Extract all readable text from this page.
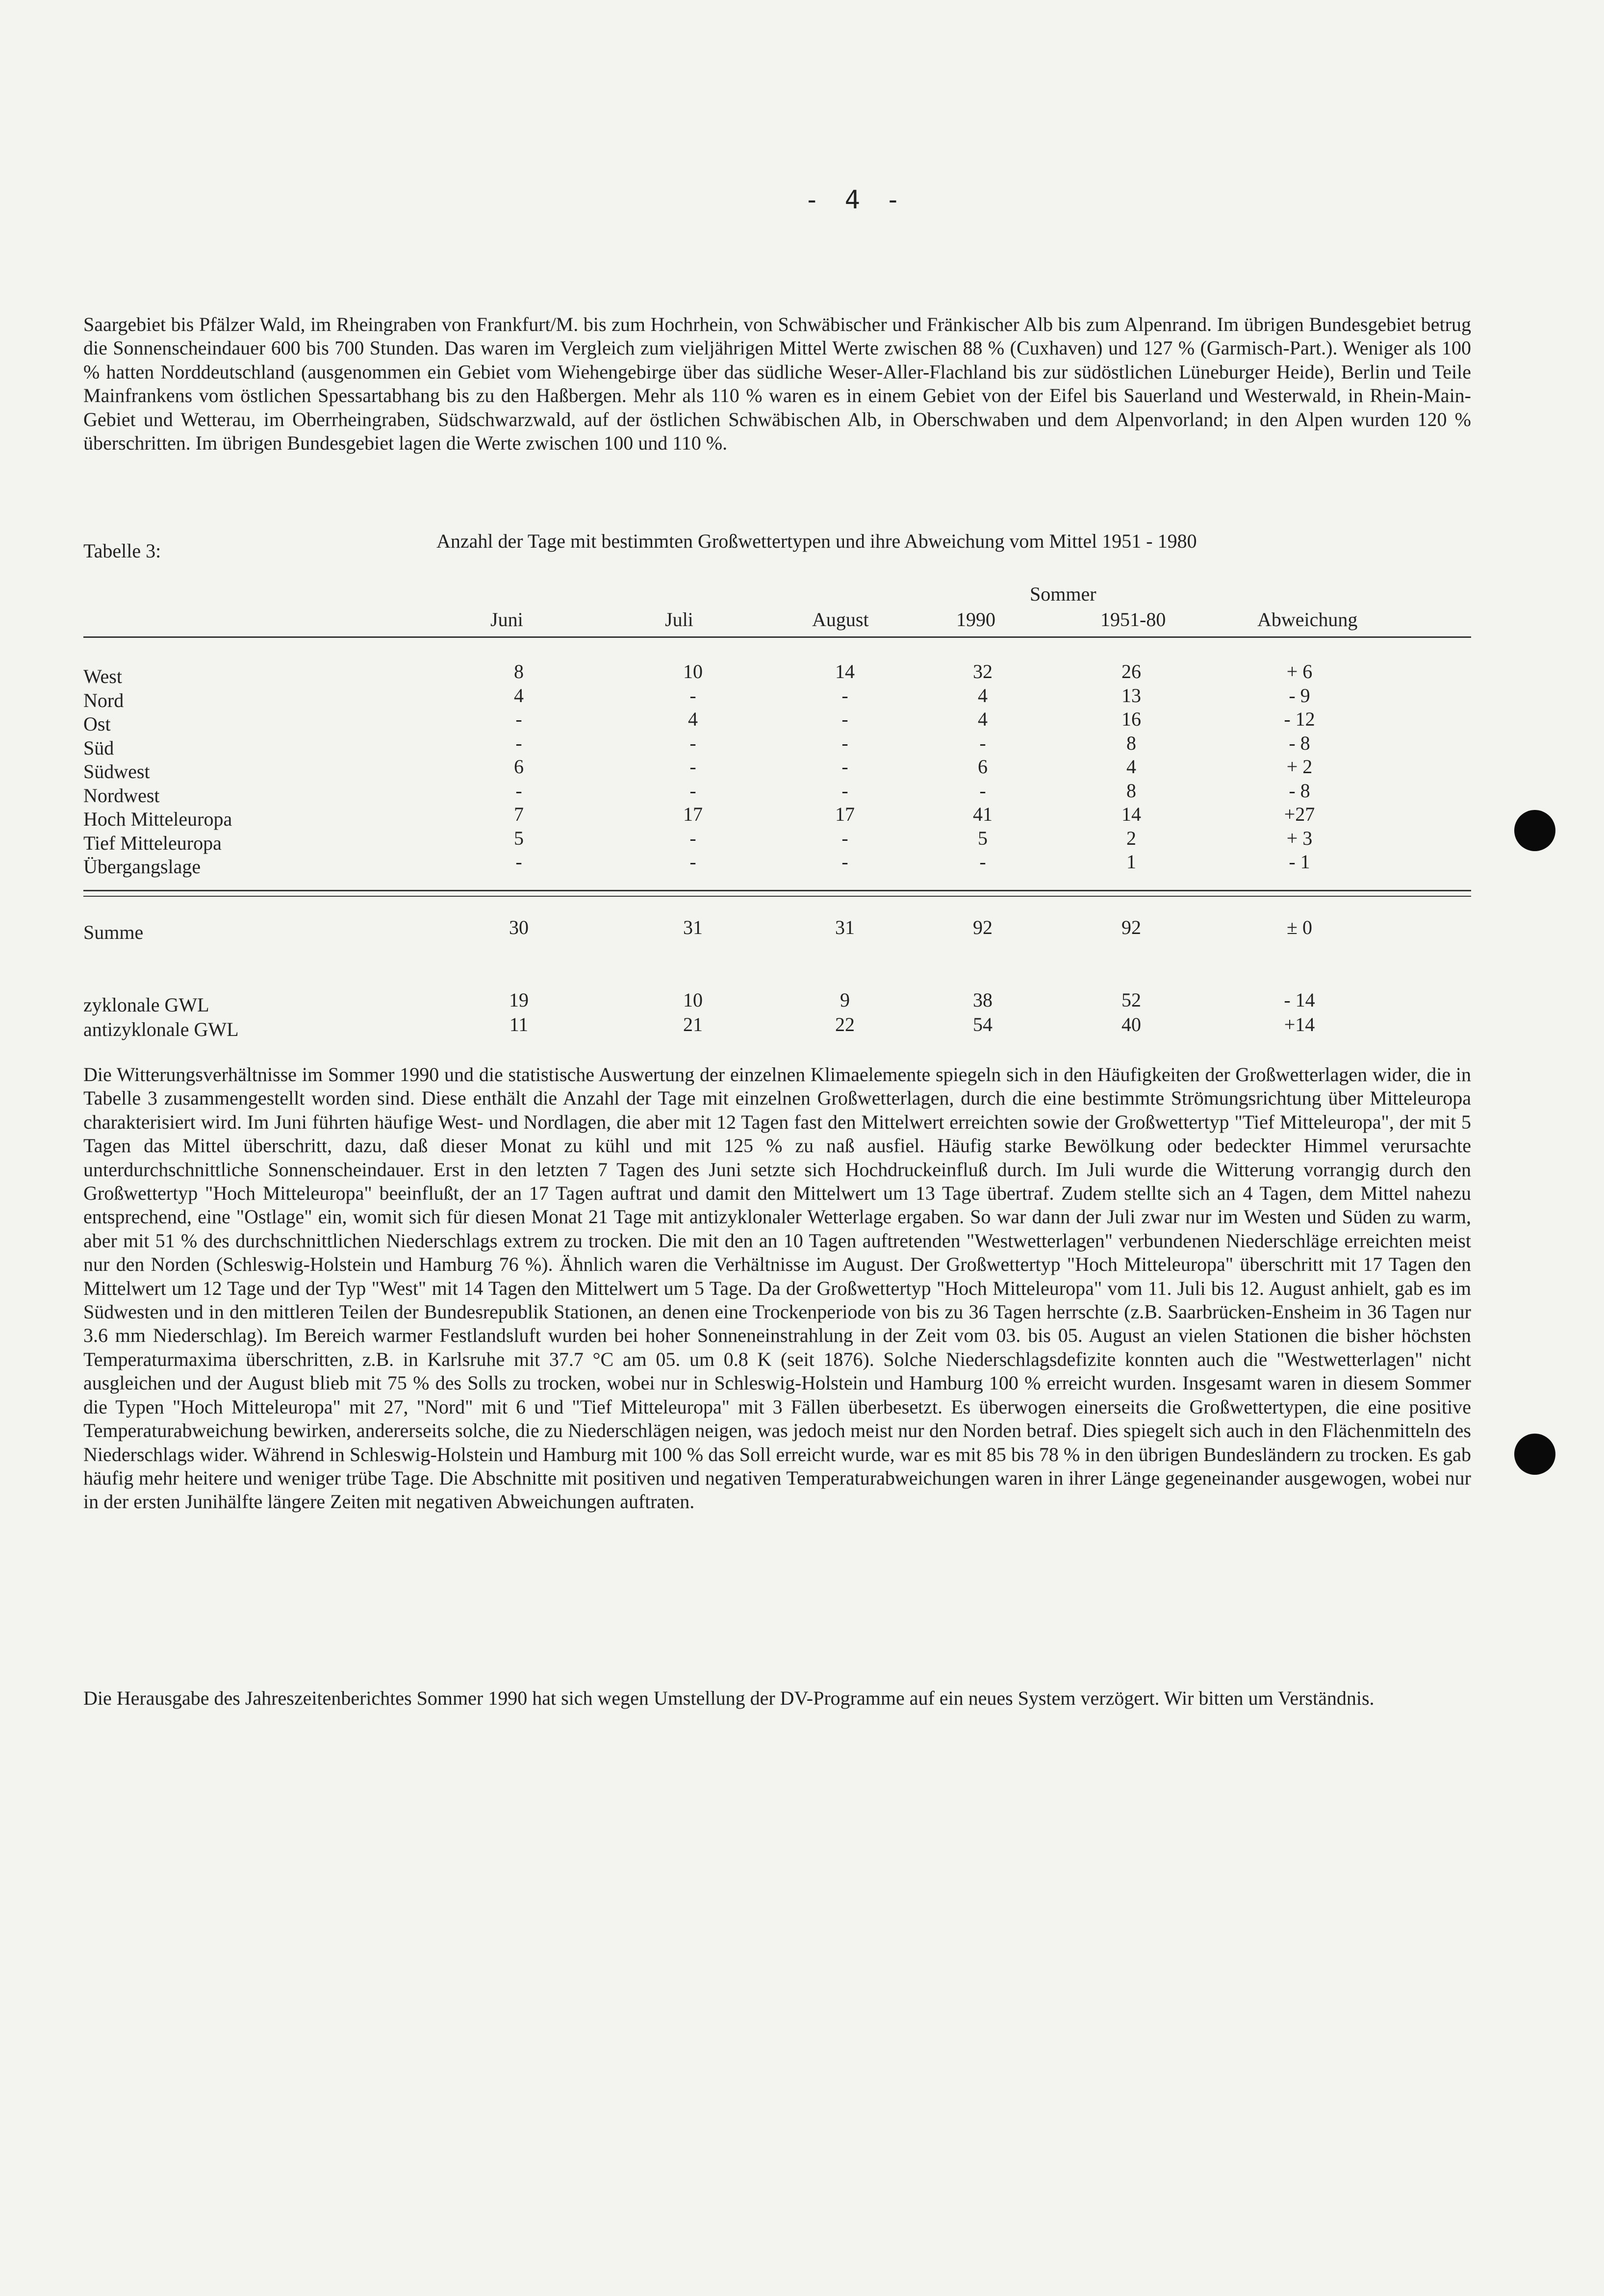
- 4 -

Saargebiet bis Pfälzer Wald, im Rheingraben von Frankfurt/M. bis zum Hochrhein, von Schwäbischer und Fränkischer Alb bis zum Alpenrand. Im übrigen Bundesgebiet betrug die Sonnenscheindauer 600 bis 700 Stunden. Das waren im Vergleich zum vieljährigen Mittel Werte zwischen 88 % (Cuxhaven) und 127 % (Garmisch-Part.). Weniger als 100 % hatten Norddeutschland (ausgenommen ein Gebiet vom Wiehengebirge über das südliche Weser-Aller-Flachland bis zur südöstlichen Lüneburger Heide), Berlin und Teile Mainfrankens vom östlichen Spessartabhang bis zu den Haßbergen. Mehr als 110 % waren es in einem Gebiet von der Eifel bis Sauerland und Westerwald, in Rhein-Main-Gebiet und Wetterau, im Oberrheingraben, Südschwarzwald, auf der östlichen Schwäbischen Alb, in Oberschwaben und dem Alpenvorland; in den Alpen wurden 120 % überschritten. Im übrigen Bundesgebiet lagen die Werte zwischen 100 und 110 %.

Tabelle 3:	Anzahl der Tage mit bestimmten Großwettertypen und ihre Abweichung vom Mittel 1951 - 1980
Sommer
Juni	Juli	August	1990	1951-80	Abweichung
West	8	10	14	32	26	+ 6
Nord	4	-	-	4	13	- 9
Ost	-	4	-	4	16	- 12
Süd	-	-	-	-	8	- 8
Südwest	6	-	-	6	4	+ 2
Nordwest	-	-	-	-	8	- 8
Hoch Mitteleuropa	7	17	17	41	14	+27
Tief Mitteleuropa	5	-	-	5	2	+ 3
Übergangslage	-	-	-	-	1	- 1
Summe	30	31	31	92	92	± 0
zyklonale GWL	19	10	9	38	52	- 14
antizyklonale GWL	11	21	22	54	40	+14

Die Witterungsverhältnisse im Sommer 1990 und die statistische Auswertung der einzelnen Klimaelemente spiegeln sich in den Häufigkeiten der Großwetterlagen wider, die in Tabelle 3 zusammengestellt worden sind. Diese enthält die Anzahl der Tage mit einzelnen Großwetterlagen, durch die eine bestimmte Strömungsrichtung über Mitteleuropa charakterisiert wird. Im Juni führten häufige West- und Nordlagen, die aber mit 12 Tagen fast den Mittelwert erreichten sowie der Großwettertyp "Tief Mitteleuropa", der mit 5 Tagen das Mittel überschritt, dazu, daß dieser Monat zu kühl und mit 125 % zu naß ausfiel. Häufig starke Bewölkung oder bedeckter Himmel verursachte unterdurchschnittliche Sonnenscheindauer. Erst in den letzten 7 Tagen des Juni setzte sich Hochdruckeinfluß durch. Im Juli wurde die Witterung vorrangig durch den Großwettertyp "Hoch Mitteleuropa" beeinflußt, der an 17 Tagen auftrat und damit den Mittelwert um 13 Tage übertraf. Zudem stellte sich an 4 Tagen, dem Mittel nahezu entsprechend, eine "Ostlage" ein, womit sich für diesen Monat 21 Tage mit antizyklonaler Wetterlage ergaben. So war dann der Juli zwar nur im Westen und Süden zu warm, aber mit 51 % des durchschnittlichen Niederschlags extrem zu trocken. Die mit den an 10 Tagen auftretenden "Westwetterlagen" verbundenen Niederschläge erreichten meist nur den Norden (Schleswig-Holstein und Hamburg 76 %). Ähnlich waren die Verhältnisse im August. Der Großwettertyp "Hoch Mitteleuropa" überschritt mit 17 Tagen den Mittelwert um 12 Tage und der Typ "West" mit 14 Tagen den Mittelwert um 5 Tage. Da der Großwettertyp "Hoch Mitteleuropa" vom 11. Juli bis 12. August anhielt, gab es im Südwesten und in den mittleren Teilen der Bundesrepublik Stationen, an denen eine Trockenperiode von bis zu 36 Tagen herrschte (z.B. Saarbrücken-Ensheim in 36 Tagen nur 3.6 mm Niederschlag). Im Bereich warmer Festlandsluft wurden bei hoher Sonneneinstrahlung in der Zeit vom 03. bis 05. August an vielen Stationen die bisher höchsten Temperaturmaxima überschritten, z.B. in Karlsruhe mit 37.7 °C am 05. um 0.8 K (seit 1876). Solche Niederschlagsdefizite konnten auch die "Westwetterlagen" nicht ausgleichen und der August blieb mit 75 % des Solls zu trocken, wobei nur in Schleswig-Holstein und Hamburg 100 % erreicht wurden. Insgesamt waren in diesem Sommer die Typen "Hoch Mitteleuropa" mit 27, "Nord" mit 6 und "Tief Mitteleuropa" mit 3 Fällen überbesetzt. Es überwogen einerseits die Großwettertypen, die eine positive Temperaturabweichung bewirken, andererseits solche, die zu Niederschlägen neigen, was jedoch meist nur den Norden betraf. Dies spiegelt sich auch in den Flächenmitteln des Niederschlags wider. Während in Schleswig-Holstein und Hamburg mit 100 % das Soll erreicht wurde, war es mit 85 bis 78 % in den übrigen Bundesländern zu trocken. Es gab häufig mehr heitere und weniger trübe Tage. Die Abschnitte mit positiven und negativen Temperaturabweichungen waren in ihrer Länge gegeneinander ausgewogen, wobei nur in der ersten Junihälfte längere Zeiten mit negativen Abweichungen auftraten.

Die Herausgabe des Jahreszeitenberichtes Sommer 1990 hat sich wegen Umstellung der DV-Programme auf ein neues System verzögert. Wir bitten um Verständnis.
